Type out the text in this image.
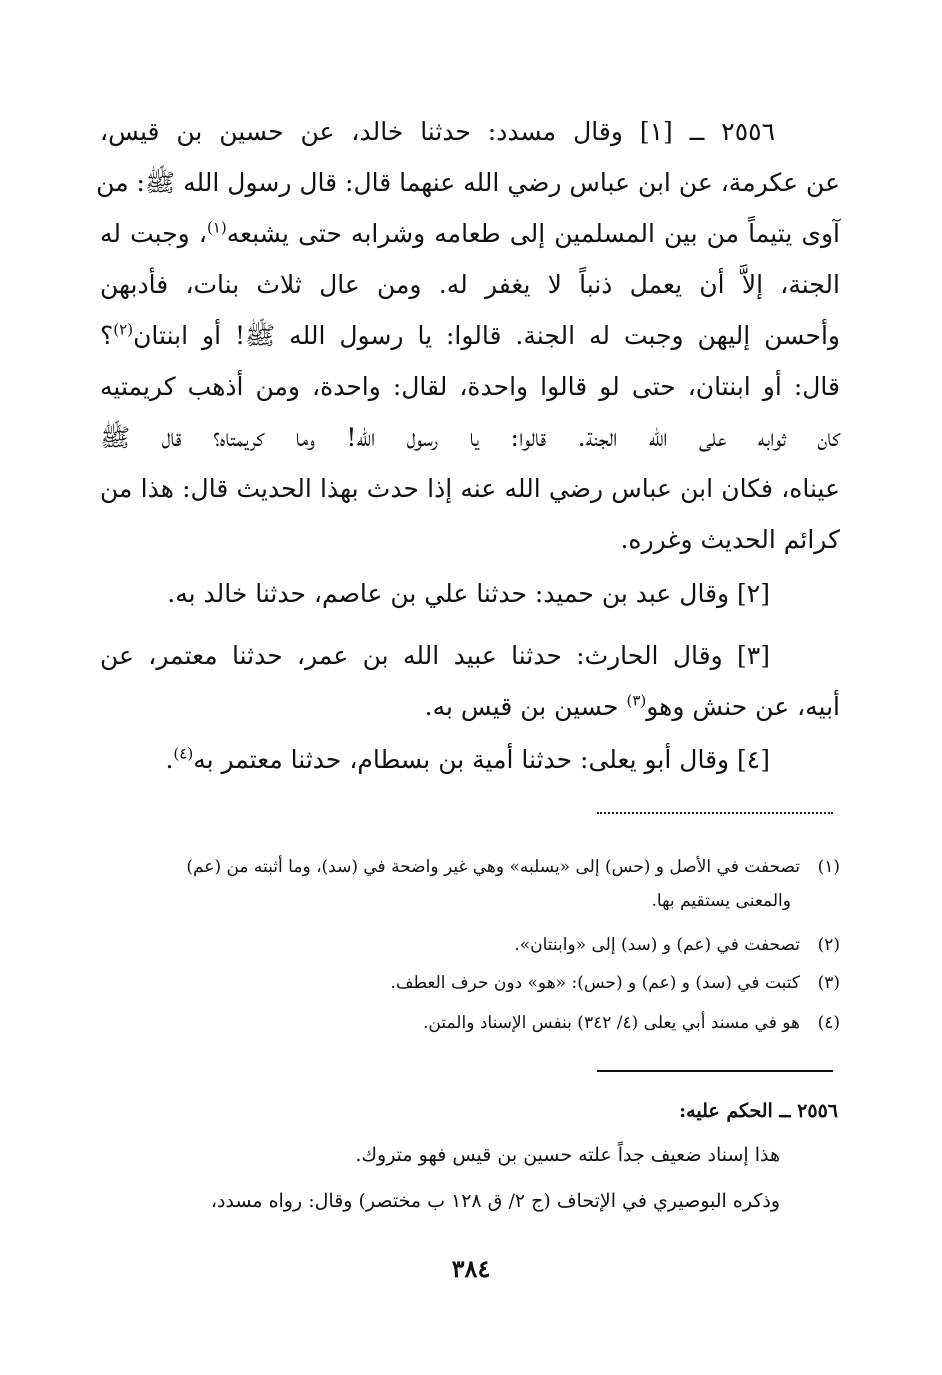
٢٥٥٦ ــ [١] وقال مسدد: حدثنا خالد، عن حسين بن قيس،
عن عكرمة، عن ابن عباس رضي الله عنهما قال: قال رسول الله ﷺ: من
آوى يتيماً من بين المسلمين إلى طعامه وشرابه حتى يشبعه$^{(١)}$، وجبت له
الجنة، إلاَّ أن يعمل ذنباً لا يغفر له. ومن عال ثلاث بنات، فأدبهن
وأحسن إليهن وجبت له الجنة. قالوا: يا رسول الله ﷺ! أو ابنتان$^{(٢)}$؟
قال: أو ابنتان، حتى لو قالوا واحدة، لقال: واحدة، ومن أذهب كريمتيه
كان ثوابه على الله الجنة. قالوا: يا رسول الله! وما كريمتاه؟ قال ﷺ
عيناه، فكان ابن عباس رضي الله عنه إذا حدث بهذا الحديث قال: هذا من
كرائم الحديث وغرره.
[٢] وقال عبد بن حميد: حدثنا علي بن عاصم، حدثنا خالد به.
[٣] وقال الحارث: حدثنا عبيد الله بن عمر، حدثنا معتمر، عن
أبيه، عن حنش وهو$^{(٣)}$ حسين بن قيس به.
[٤] وقال أبو يعلى: حدثنا أمية بن بسطام، حدثنا معتمر به$^{(٤)}$.
(١)تصحفت في الأصل و (حس) إلى «يسلبه» وهي غير واضحة في (سد)، وما أثبته من (عم)
والمعنى يستقيم بها.
(٢)تصحفت في (عم) و (سد) إلى «وابنتان».
(٣)كتبت في (سد) و (عم) و (حس): «هو» دون حرف العطف.
(٤)هو في مسند أبي يعلى (٤/ ٣٤٢) بنفس الإسناد والمتن.
٢٥٥٦ ــ الحكم عليه:
هذا إسناد ضعيف جداً علته حسين بن قيس فهو متروك.
وذكره البوصيري في الإتحاف (ج ٢/ ق ١٢٨ ب مختصر) وقال: رواه مسدد،
٣٨٤
